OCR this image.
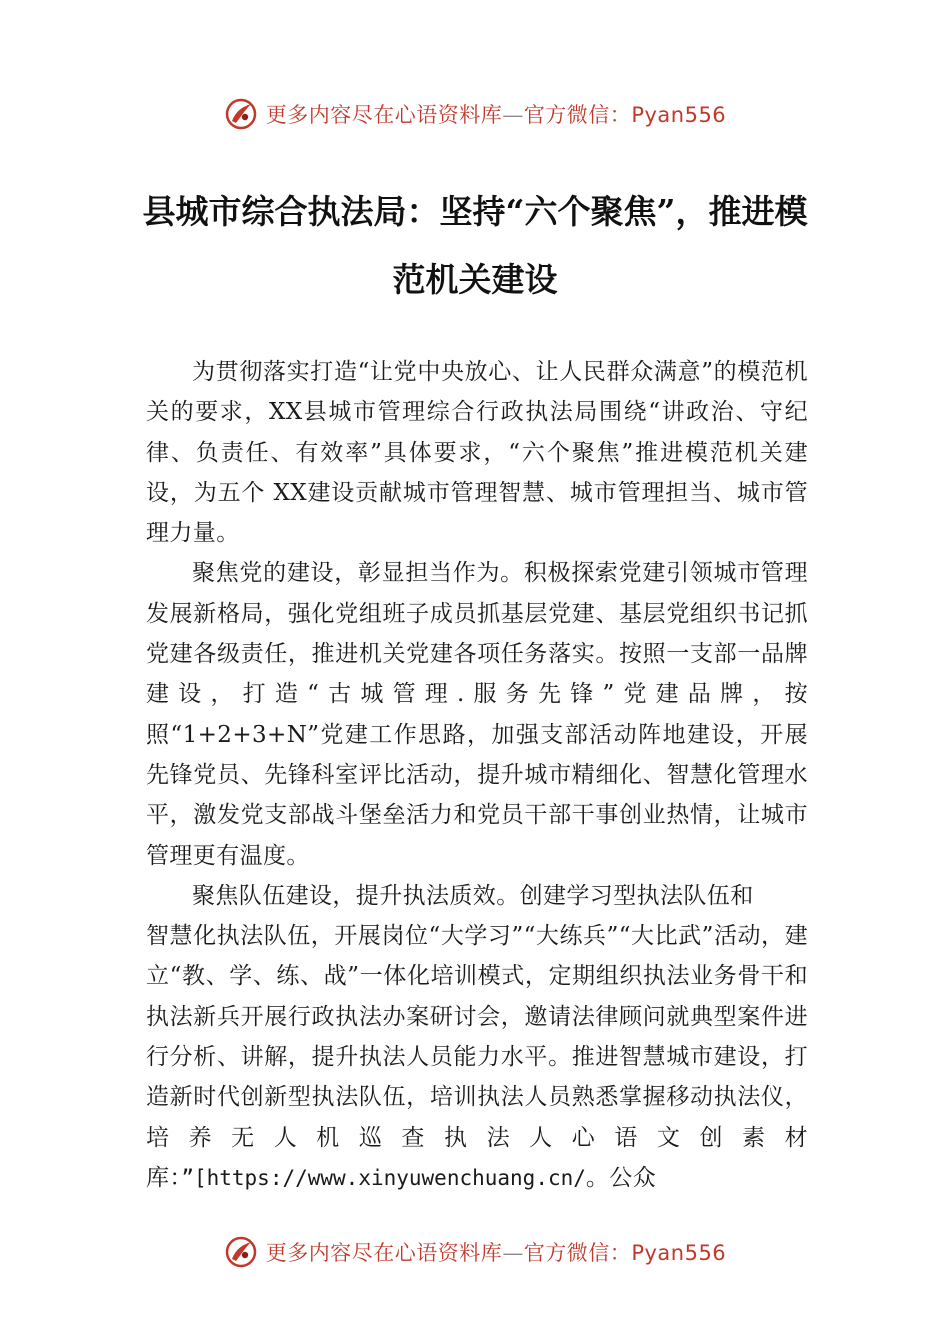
更多内容尽在心语资料库—官方微信：Pyan556
县城市综合执法局：坚持“六个聚焦”，推进模范机关建设

为贯彻落实打造“让党中央放心、让人民群众满意”的模范机关的要求，XX县城市管理综合行政执法局围绕“讲政治、守纪律、负责任、有效率”具体要求，“六个聚焦”推进模范机关建设，为五个 XX建设贡献城市管理智慧、城市管理担当、城市管理力量。

聚焦党的建设，彰显担当作为。积极探索党建引领城市管理发展新格局，强化党组班子成员抓基层党建、基层党组织书记抓党建各级责任，推进机关党建各项任务落实。按照一支部一品牌建设，打造“古城管理.服务先锋”党建品牌，按照“1+2+3+N”党建工作思路，加强支部活动阵地建设，开展先锋党员、先锋科室评比活动，提升城市精细化、智慧化管理水平，激发党支部战斗堡垒活力和党员干部干事创业热情，让城市管理更有温度。

聚焦队伍建设，提升执法质效。创建学习型执法队伍和

智慧化执法队伍，开展岗位“大学习”“大练兵”“大比武”活动，建立“教、学、练、战”一体化培训模式，定期组织执法业务骨干和执法新兵开展行政执法办案研讨会，邀请法律顾问就典型案件进行分析、讲解，提升执法人员能力水平。推进智慧城市建设，打造新时代创新型执法队伍，培训执法人员熟悉掌握移动执法仪，培养无人机巡查执法人心语文创素材库：”[https://www.xinyuwenchuang.cn/。公众

更多内容尽在心语资料库—官方微信：Pyan556
